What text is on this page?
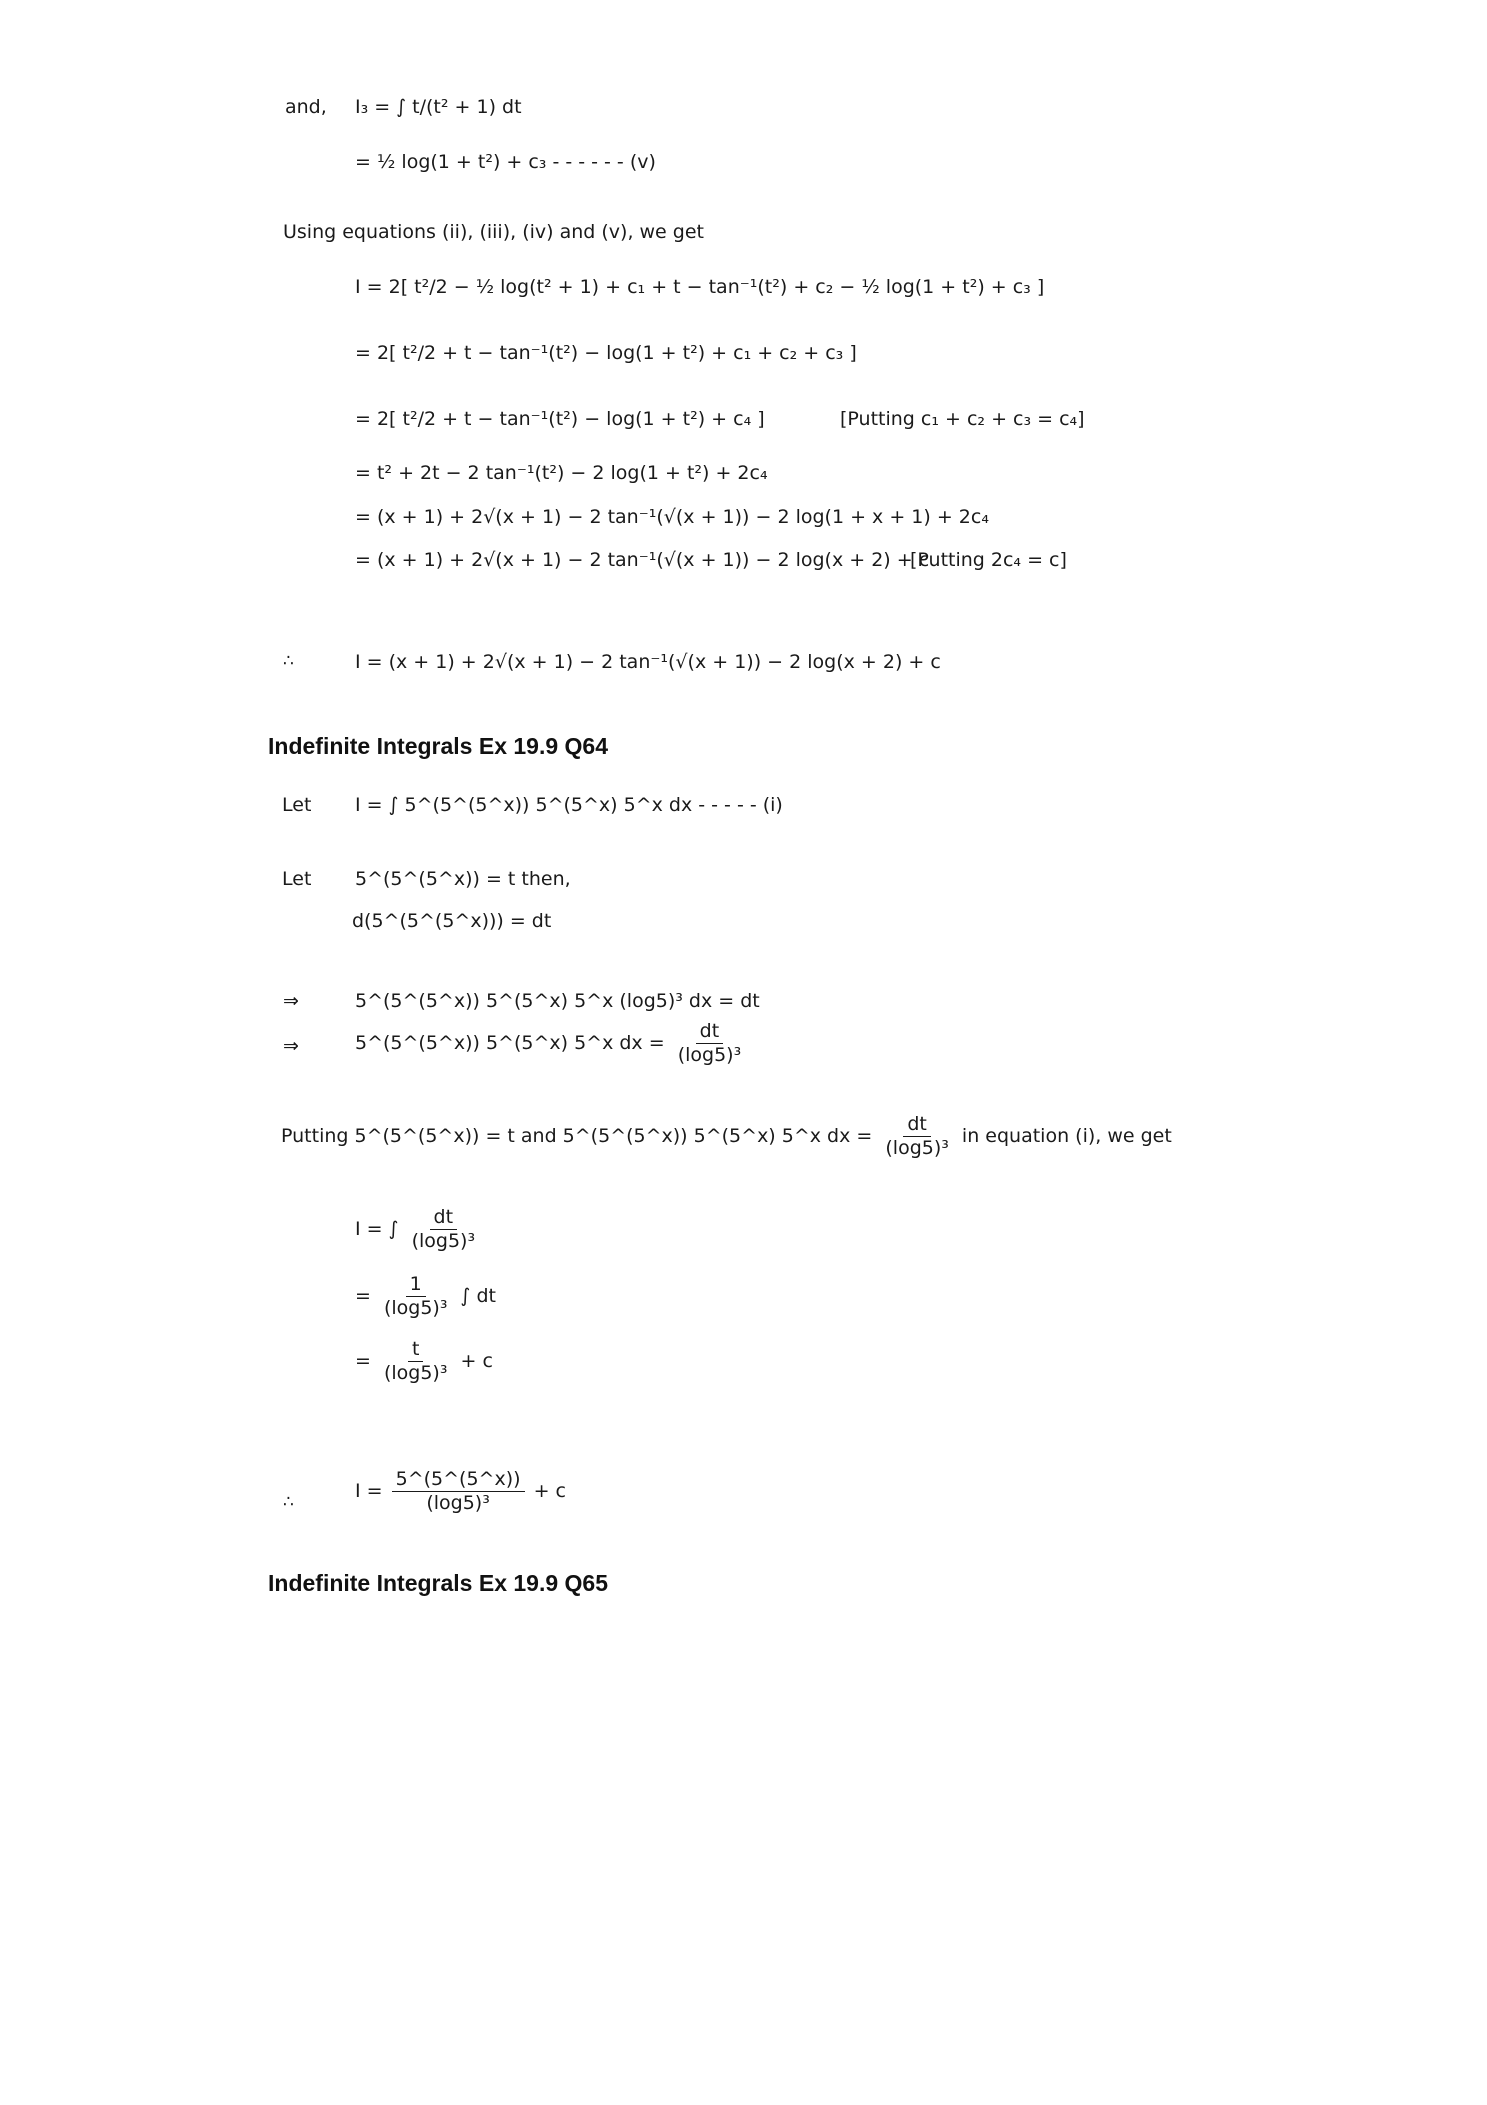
and, I₃ = ∫ t/(t² + 1) dt
= ½ log(1 + t²) + c₃ - - - - - - (v)
Using equations (ii), (iii), (iv) and (v), we get
I = 2[ t²/2 − ½ log(t² + 1) + c₁ + t − tan⁻¹(t²) + c₂ − ½ log(1 + t²) + c₃ ]
= 2[ t²/2 + t − tan⁻¹(t²) − log(1 + t²) + c₁ + c₂ + c₃ ]
= 2[ t²/2 + t − tan⁻¹(t²) − log(1 + t²) + c₄ ]	[Putting c₁ + c₂ + c₃ = c₄]
= t² + 2t − 2 tan⁻¹(t²) − 2 log(1 + t²) + 2c₄
= (x + 1) + 2√(x + 1) − 2 tan⁻¹(√(x + 1)) − 2 log(1 + x + 1) + 2c₄
= (x + 1) + 2√(x + 1) − 2 tan⁻¹(√(x + 1)) − 2 log(x + 2) + c
[Putting 2c₄ = c]
∴	I = (x + 1) + 2√(x + 1) − 2 tan⁻¹(√(x + 1)) − 2 log(x + 2) + c
Indefinite Integrals Ex 19.9 Q64
Let I = ∫ 5^(5^(5^x)) 5^(5^x) 5^x dx - - - - - (i)
Let 5^(5^(5^x)) = t then,
d(5^(5^(5^x))) = dt
⇒	5^(5^(5^x)) 5^(5^x) 5^x (log5)³ dx = dt
⇒	5^(5^(5^x)) 5^(5^x) 5^x dx = $\frac{dt}{\text{(log5)³}}$
Putting 5^(5^(5^x)) = t and 5^(5^(5^x)) 5^(5^x) 5^x dx = $\frac{dt}{\text{(log5)³}}$ in equation (i), we get
I = ∫ $\frac{dt}{\text{(log5)³}}$
= $\frac{1}{\text{(log5)³}}$ ∫ dt
= $\frac{t}{\text{(log5)³}} + c$
∴	$I = \frac{5\^{}(5\^{}(5\^{}x))}{\text{(log5)³}} + c$
Indefinite Integrals Ex 19.9 Q65
